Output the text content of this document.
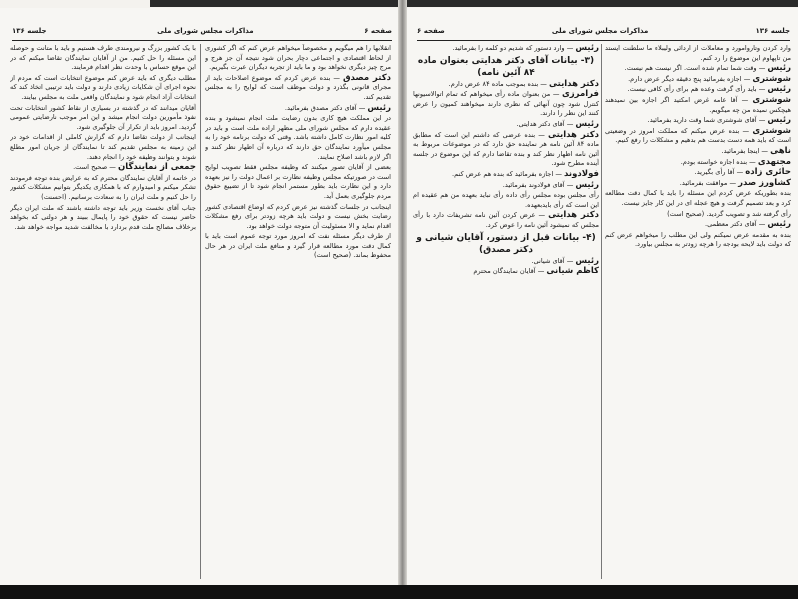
صفحه ۶
مذاکرات مجلس شورای ملی
جلسه ۱۳۶

انقلابها را هم میگویم و مخصوصاً میخواهم عرض کنم که اگر کشوری از لحاظ اقتصادی و اجتماعی دچار بحران شود نتیجه آن جز هرج و مرج چیز دیگری نخواهد بود و ما باید از تجربه دیگران عبرت بگیریم.

دکتر مصدق — بنده عرض کردم که موضوع اصلاحات باید از مجرای قانونی بگذرد و دولت موظف است که لوایح را به مجلس تقدیم کند.

رئیس — آقای دکتر مصدق بفرمائید.

در این مملکت هیچ کاری بدون رضایت ملت انجام نمیشود و بنده عقیده دارم که مجلس شورای ملی مظهر اراده ملت است و باید در کلیه امور نظارت کامل داشته باشد. وقتی که دولت برنامه خود را به مجلس میآورد نمایندگان حق دارند که درباره آن اظهار نظر کنند و اگر لازم باشد اصلاح نمایند.

بعضی از آقایان تصور میکنند که وظیفه مجلس فقط تصویب لوایح است در صورتیکه مجلس وظیفه نظارت بر اعمال دولت را نیز بعهده دارد و این نظارت باید بطور مستمر انجام شود تا از تضییع حقوق مردم جلوگیری بعمل آید.

اینجانب در جلسات گذشته نیز عرض کردم که اوضاع اقتصادی کشور رضایت بخش نیست و دولت باید هرچه زودتر برای رفع مشکلات اقدام نماید و الا مسئولیت آن متوجه دولت خواهد بود.

از طرف دیگر مسئله نفت که امروز مورد توجه عموم است باید با کمال دقت مورد مطالعه قرار گیرد و منافع ملت ایران در هر حال محفوظ بماند. (صحیح است)

با یک کشور بزرگ و نیرومندی طرف هستیم و باید با متانت و حوصله این مسئله را حل کنیم. من از آقایان نمایندگان تقاضا میکنم که در این موقع حساس با وحدت نظر اقدام فرمایند.

مطلب دیگری که باید عرض کنم موضوع انتخابات است که مردم از نحوه اجرای آن شکایات زیادی دارند و دولت باید ترتیبی اتخاذ کند که انتخابات آزاد انجام شود و نمایندگان واقعی ملت به مجلس بیایند.

آقایان میدانند که در گذشته در بسیاری از نقاط کشور انتخابات تحت نفوذ مأمورین دولت انجام میشد و این امر موجب نارضایتی عمومی گردید. امروز باید از تکرار آن جلوگیری شود.

اینجانب از دولت تقاضا دارم که گزارش کاملی از اقدامات خود در این زمینه به مجلس تقدیم کند تا نمایندگان از جریان امور مطلع شوند و بتوانند وظیفه خود را انجام دهند.

جمعی از نمایندگان — صحیح است.

در خاتمه از آقایان نمایندگان محترم که به عرایض بنده توجه فرمودند تشکر میکنم و امیدوارم که با همکاری یکدیگر بتوانیم مشکلات کشور را حل کنیم و ملت ایران را به سعادت برسانیم. (احسنت)

جناب آقای نخست وزیر باید توجه داشته باشند که ملت ایران دیگر حاضر نیست که حقوق خود را پایمال ببیند و هر دولتی که بخواهد برخلاف مصالح ملت قدم بردارد با مخالفت شدید مواجه خواهد شد.

جلسه ۱۳۶
مذاکرات مجلس شورای ملی
صفحه ۶

وارد کردن وتاروامورد و معاملات از اردائی ولیبلاء ما سلطنت ایستد من تاپهاوم این موضوع را رد کنم.

رئیس — وقت شما تمام شده است. اگر نیست هم نیست.

شوشتری — اجازه بفرمائید پنج دقیقه دیگر عرض دارم.

رئیس — باید رأی گرفت وعده هم برای رأی کافی نیست.

شوشتری — آقا عامه غرض امکتید اگر اجازه بین نمیدهند هیچکس نمیده من چه میگویم.

رئیس — آقای شوشتری شما وقت دارید بفرمائید.

شوشتری — بنده عرض میکنم که مملکت امروز در وضعیتی است که باید همه دست بدست هم بدهیم و مشکلات را رفع کنیم.

ناهی — اینجا بفرمائید.

مجتهدی — بنده اجازه خواسته بودم.

حائری زاده — آقا رأی بگیرید.

کشاورز صدر — موافقت بفرمائید.

بنده بطوریکه عرض کردم این مسئله را باید با کمال دقت مطالعه کرد و بعد تصمیم گرفت و هیچ عجله ای در این کار جایز نیست.

رأی گرفته شد و تصویب گردید. (صحیح است)

رئیس — آقای دکتر معظمی.

بنده به مقدمه عرض نمیکنم ولی این مطلب را میخواهم عرض کنم که دولت باید لایحه بودجه را هرچه زودتر به مجلس بیاورد.

رئیس — وارد دستور که شدیم دو کلمه را بفرمائید.

(۳- بیانات آقای دکتر هدایتی بعنوان ماده ۸۴ آئین نامه)

دکتر هدایتی — بنده بموجب ماده ۸۴ عرض دارم.

فرامرزی — من بعنوان ماده رأی میخواهم که تمام اتوالاسیونها کنترل شود چون آنهائی که نظری دارند میخواهند کمیون را عرض کنند این نظر را دارند.

رئیس — آقای دکتر هدایتی.

دکتر هدایتی — بنده عرضی که داشتم این است که مطابق ماده ۸۴ آئین نامه هر نماینده حق دارد که در موضوعات مربوط به آئین نامه اظهار نظر کند و بنده تقاضا دارم که این موضوع در جلسه آینده مطرح شود.

فولادوند — اجازه بفرمائید که بنده هم عرض کنم.

رئیس — آقای فولادوند بفرمائید.

رأی مجلس بوده مجلس رأی داده رأی نباید بعهده من هم عقیده ام این است که رأی بایدبعهده.

دکتر هدایتی — عرض کردن آئین نامه تشریفات دارد با رأی مجلس که نمیشود آئین نامه را عوض کرد.

(۴- بیانات قبل از دستور، آقایان شیانی و دکتر مصدق)

رئیس — آقای شیانی.

کاظم شیانی — آقایان نمایندگان محترم
